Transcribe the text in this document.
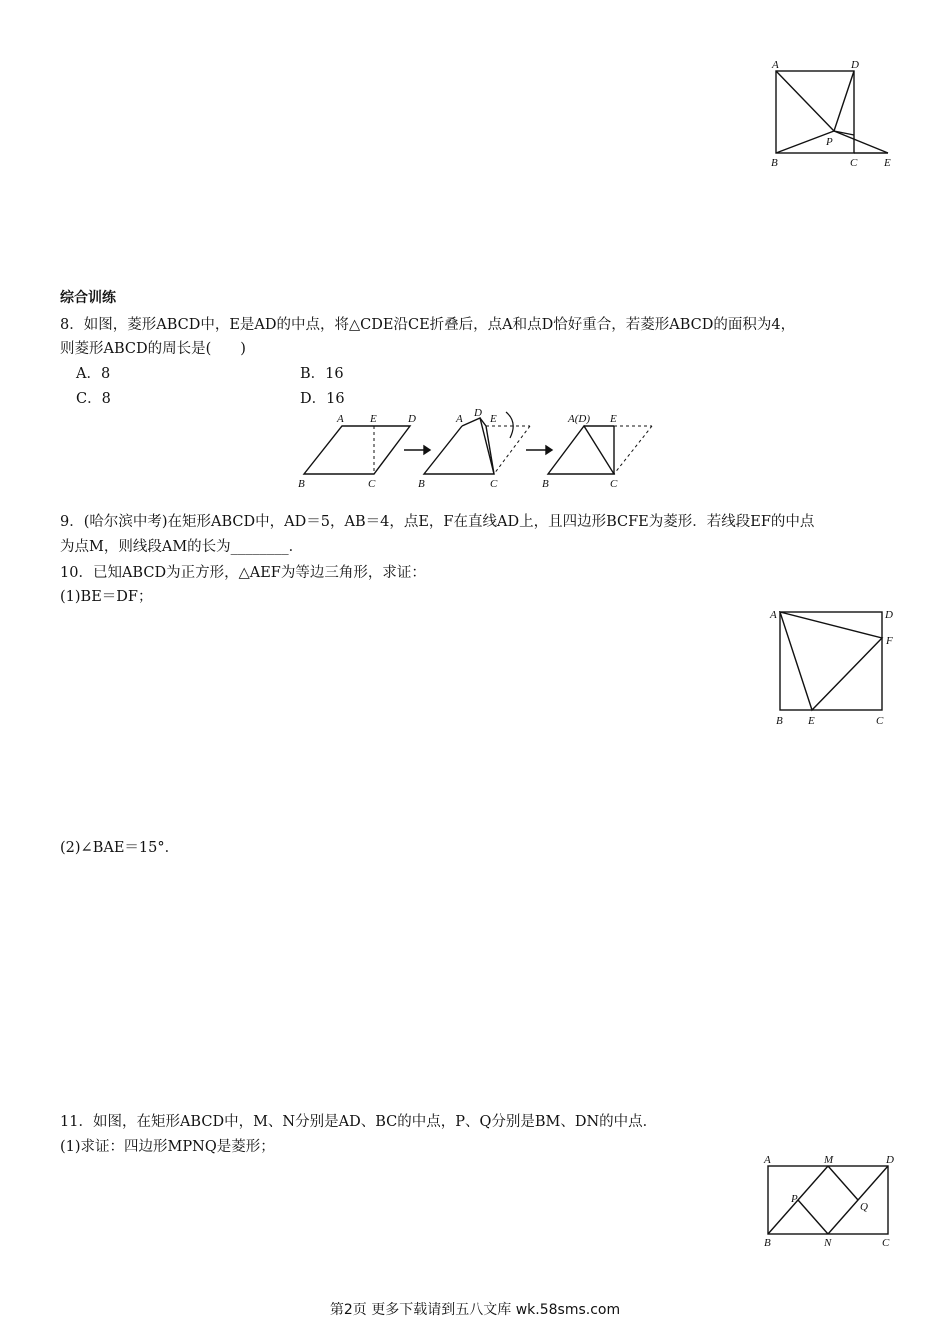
A	D
P
B	C E
综合训练
8．如图，菱形ABCD中，E是AD的中点，将△CDE沿CE折叠后，点A和点D恰好重合，若菱形ABCD的面积为4，
则菱形ABCD的周长是(　　)
A．8	B．16
C．8	D．16
A E	D
B	C
A D E
B	C
A(D) E
B	C
9．(哈尔滨中考)在矩形ABCD中，AD＝5，AB＝4，点E，F在直线AD上，且四边形BCFE为菱形．若线段EF的中点
为点M，则线段AM的长为________．
10．已知ABCD为正方形，△AEF为等边三角形，求证：
(1)BE＝DF；
A	D
F
B E	C
(2)∠BAE＝15°．
11．如图，在矩形ABCD中，M、N分别是AD、BC的中点，P、Q分别是BM、DN的中点．
(1)求证：四边形MPNQ是菱形；
A	M	D
P
Q
B	N	C
第2页 更多下载请到五八文库 wk.58sms.com
